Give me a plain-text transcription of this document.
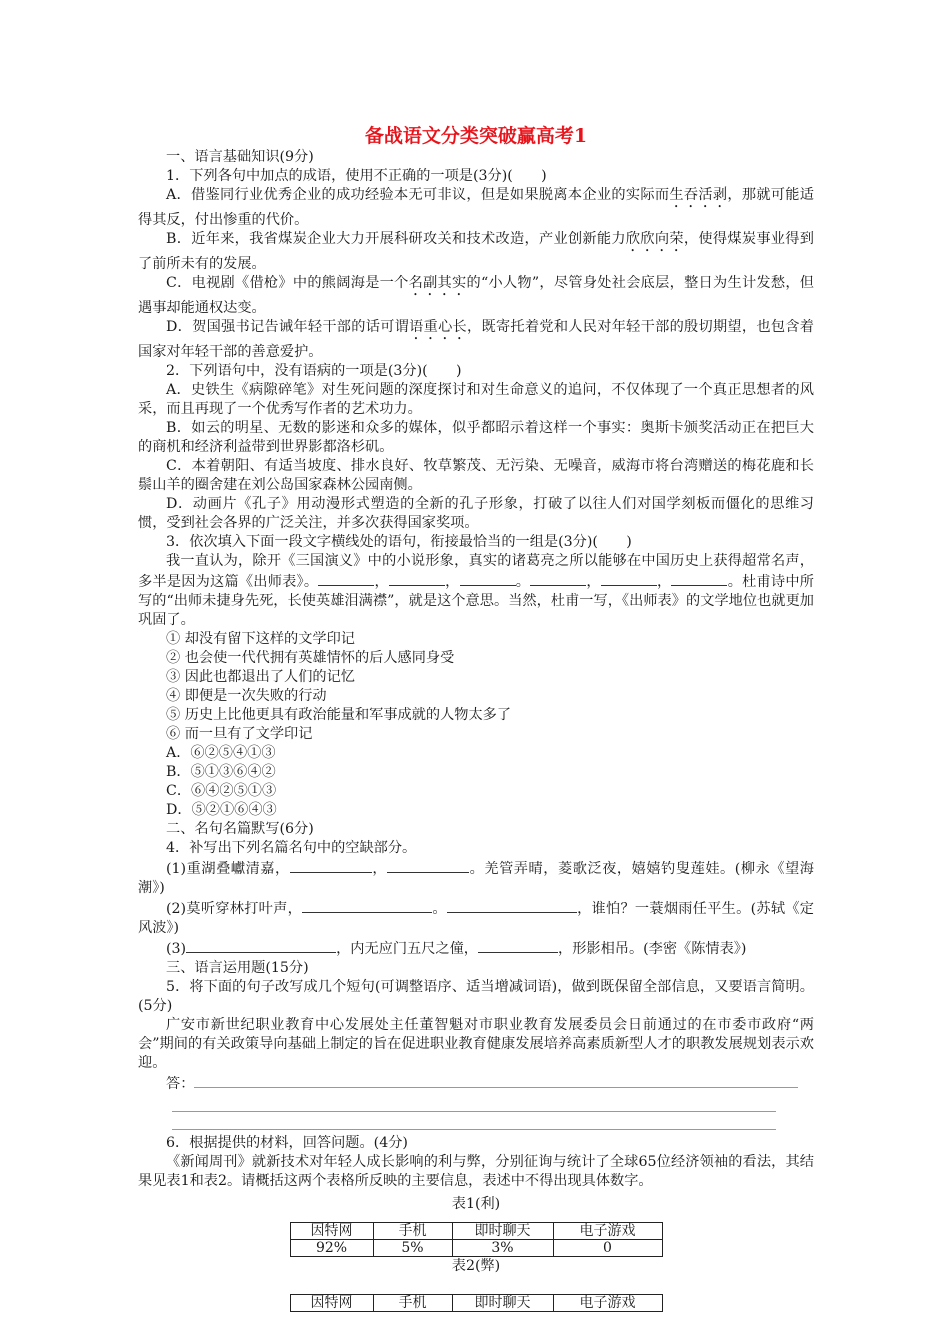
备战语文分类突破赢高考1

一、语言基础知识(9分)

1．下列各句中加点的成语，使用不正确的一项是(3分)(　　)

A．借鉴同行业优秀企业的成功经验本无可非议，但是如果脱离本企业的实际而生吞活剥，那就可能适得其反，付出惨重的代价。

B．近年来，我省煤炭企业大力开展科研攻关和技术改造，产业创新能力欣欣向荣，使得煤炭事业得到了前所未有的发展。

C．电视剧《借枪》中的熊阔海是一个名副其实的“小人物”，尽管身处社会底层，整日为生计发愁，但遇事却能通权达变。

D．贺国强书记告诫年轻干部的话可谓语重心长，既寄托着党和人民对年轻干部的殷切期望，也包含着国家对年轻干部的善意爱护。

2．下列语句中，没有语病的一项是(3分)(　　)

A．史铁生《病隙碎笔》对生死问题的深度探讨和对生命意义的追问，不仅体现了一个真正思想者的风采，而且再现了一个优秀写作者的艺术功力。

B．如云的明星、无数的影迷和众多的媒体，似乎都昭示着这样一个事实：奥斯卡颁奖活动正在把巨大的商机和经济利益带到世界影都洛杉矶。

C．本着朝阳、有适当坡度、排水良好、牧草繁茂、无污染、无噪音，威海市将台湾赠送的梅花鹿和长鬃山羊的圈舍建在刘公岛国家森林公园南侧。

D．动画片《孔子》用动漫形式塑造的全新的孔子形象，打破了以往人们对国学刻板而僵化的思维习惯，受到社会各界的广泛关注，并多次获得国家奖项。

3．依次填入下面一段文字横线处的语句，衔接最恰当的一组是(3分)(　　)

我一直认为，除开《三国演义》中的小说形象，真实的诸葛亮之所以能够在中国历史上获得超常名声，多半是因为这篇《出师表》。	，	，	。	，	，	。杜甫诗中所写的“出师未捷身先死，长使英雄泪满襟”，就是这个意思。当然，杜甫一写，《出师表》的文学地位也就更加巩固了。

① 却没有留下这样的文学印记

② 也会使一代代拥有英雄情怀的后人感同身受

③ 因此也都退出了人们的记忆

④ 即便是一次失败的行动

⑤ 历史上比他更具有政治能量和军事成就的人物太多了

⑥ 而一旦有了文学印记

A．⑥②⑤④①③

B．⑤①③⑥④②

C．⑥④②⑤①③

D．⑤②①⑥④③

二、名句名篇默写(6分)

4．补写出下列名篇名句中的空缺部分。

(1)重湖叠巘清嘉，	，	。羌管弄晴，菱歌泛夜，嬉嬉钓叟莲娃。(柳永《望海潮》)

(2)莫听穿林打叶声，	。	，谁怕？一蓑烟雨任平生。(苏轼《定风波》)

(3)	，内无应门五尺之僮，	，形影相吊。(李密《陈情表》)

三、语言运用题(15分)

5．将下面的句子改写成几个短句(可调整语序、适当增减词语)，做到既保留全部信息，又要语言简明。(5分)

广安市新世纪职业教育中心发展处主任董智魁对市职业教育发展委员会日前通过的在市委市政府“两会”期间的有关政策导向基础上制定的旨在促进职业教育健康发展培养高素质新型人才的职教发展规划表示欢迎。

答：

6．根据提供的材料，回答问题。(4分)

《新闻周刊》就新技术对年轻人成长影响的利与弊，分别征询与统计了全球65位经济领袖的看法，其结果见表1和表2。请概括这两个表格所反映的主要信息，表述中不得出现具体数字。

表1(利)
因特网	手机	即时聊天	电子游戏
92%	5%	3%	0
表2(弊)
因特网	手机	即时聊天	电子游戏
